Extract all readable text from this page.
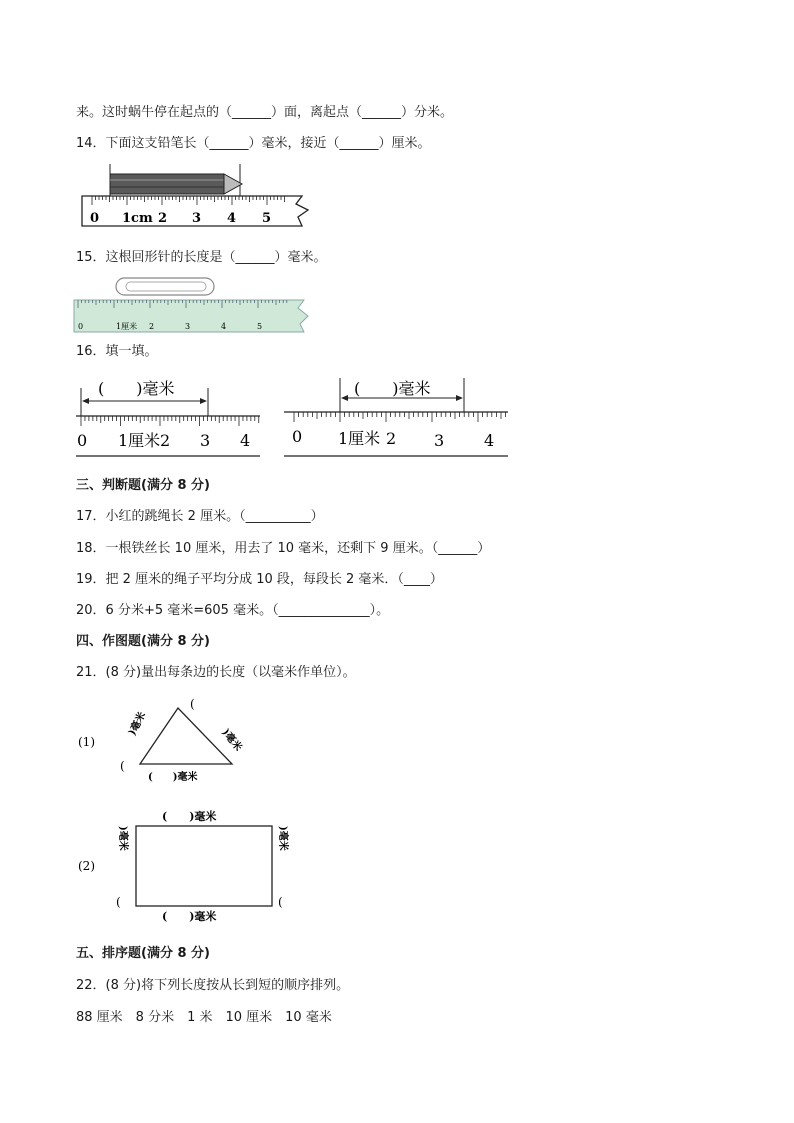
来。这时蜗牛停在起点的（______）面，离起点（______）分米。
14．下面这支铅笔长（______）毫米，接近（______）厘米。
0 1cm 2 3 4 5
15．这根回形针的长度是（______）毫米。
0	1厘米 2	3	4	5
16．填一填。
(　　)毫米
0 1厘米 2 3 4
(　　)毫米
0 1厘米 2 3 4
三、判断题(满分 8 分)
17．小红的跳绳长 2 厘米。（__________）
18．一根铁丝长 10 厘米，用去了 10 毫米，还剩下 9 厘米。（______）
19．把 2 厘米的绳子平均分成 10 段，每段长 2 毫米．（____）
20．6 分米+5 毫米=605 毫米。（______________）。
四、作图题(满分 8 分)
21．(8 分)量出每条边的长度（以毫米作单位）。
(1)
)毫米
)毫米
(　　)毫米
(
(
(2)
(　　)毫米
(　　)毫米
)毫米	)毫米
(	(
五、排序题(满分 8 分)
22．(8 分)将下列长度按从长到短的顺序排列。
88 厘米　8 分米　1 米　10 厘米　10 毫米
